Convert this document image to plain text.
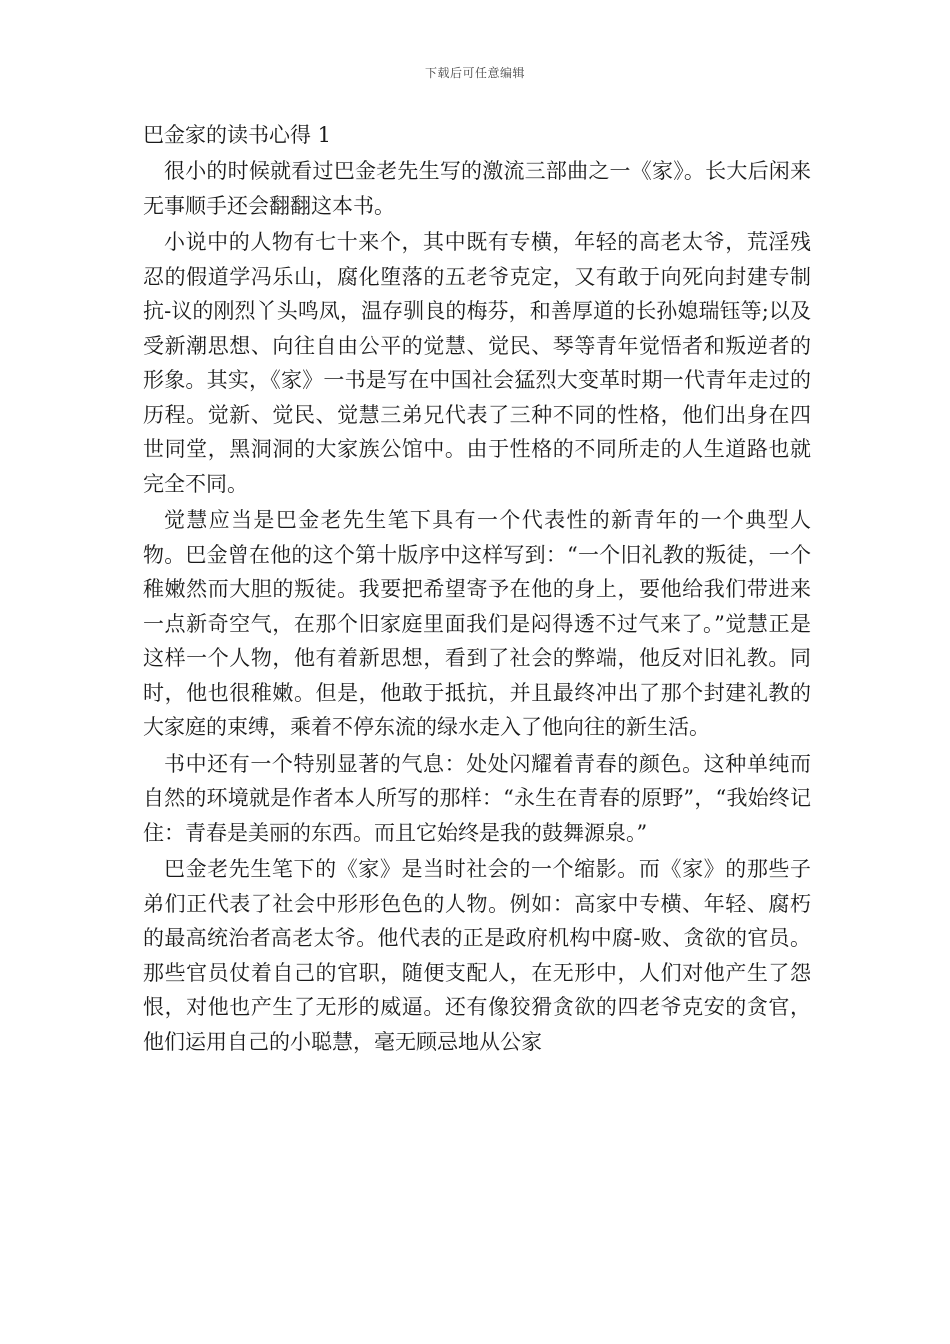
下载后可任意编辑
巴金家的读书心得 1

很小的时候就看过巴金老先生写的激流三部曲之一《家》。长大后闲来无事顺手还会翻翻这本书。

小说中的人物有七十来个，其中既有专横，年轻的高老太爷，荒淫残忍的假道学冯乐山，腐化堕落的五老爷克定，又有敢于向死向封建专制抗-议的刚烈丫头鸣凤，温存驯良的梅芬，和善厚道的长孙媳瑞钰等;以及受新潮思想、向往自由公平的觉慧、觉民、琴等青年觉悟者和叛逆者的形象。其实，《家》一书是写在中国社会猛烈大变革时期一代青年走过的历程。觉新、觉民、觉慧三弟兄代表了三种不同的性格，他们出身在四世同堂，黑洞洞的大家族公馆中。由于性格的不同所走的人生道路也就完全不同。

觉慧应当是巴金老先生笔下具有一个代表性的新青年的一个典型人物。巴金曾在他的这个第十版序中这样写到：“一个旧礼教的叛徒，一个稚嫩然而大胆的叛徒。我要把希望寄予在他的身上，要他给我们带进来一点新奇空气，在那个旧家庭里面我们是闷得透不过气来了。”觉慧正是这样一个人物，他有着新思想，看到了社会的弊端，他反对旧礼教。同时，他也很稚嫩。但是，他敢于抵抗，并且最终冲出了那个封建礼教的大家庭的束缚，乘着不停东流的绿水走入了他向往的新生活。

书中还有一个特别显著的气息：处处闪耀着青春的颜色。这种单纯而自然的环境就是作者本人所写的那样：“永生在青春的原野”，“我始终记住：青春是美丽的东西。而且它始终是我的鼓舞源泉。”

巴金老先生笔下的《家》是当时社会的一个缩影。而《家》的那些子弟们正代表了社会中形形色色的人物。例如：高家中专横、年轻、腐朽的最高统治者高老太爷。他代表的正是政府机构中腐-败、贪欲的官员。那些官员仗着自己的官职，随便支配人，在无形中，人们对他产生了怨恨，对他也产生了无形的威逼。还有像狡猾贪欲的四老爷克安的贪官，他们运用自己的小聪慧，毫无顾忌地从公家
